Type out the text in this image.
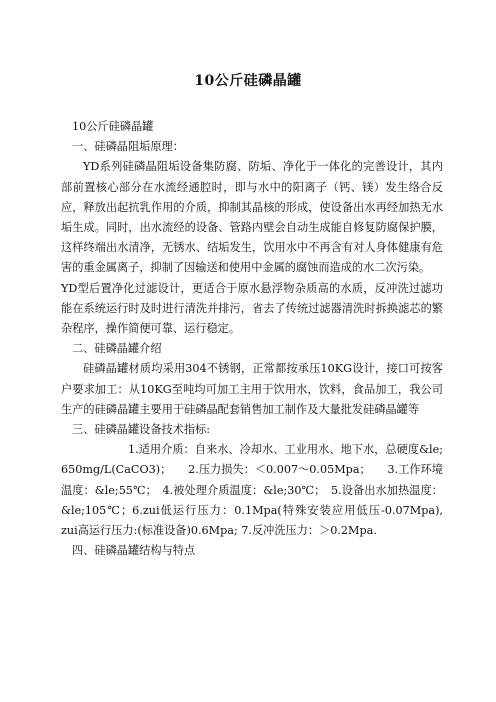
10公斤硅磷晶罐

10公斤硅磷晶罐

一、硅磷晶阻垢原理：

YD系列硅磷晶阻垢设备集防腐、防垢、净化于一体化的完善设计，其内部前置核心部分在水流经通腔时，即与水中的阳离子（钙、镁）发生络合反应，释放出起抗乳作用的介质，抑制其晶核的形成，使设备出水再经加热无水垢生成。同时，出水流经的设备、管路内壁会自动生成能自修复防腐保护膜，这样终端出水清净，无锈水、结垢发生，饮用水中不再含有对人身体健康有危害的重金属离子，抑制了因输送和使用中金属的腐蚀而造成的水二次污染。

YD型后置净化过滤设计，更适合于原水悬浮物杂质高的水质，反冲洗过滤功能在系统运行时及时进行清洗并排污，省去了传统过滤器清洗时拆换滤芯的繁杂程序，操作简便可靠、运行稳定。

二、硅磷晶罐介绍

硅磷晶罐材质均采用304不锈钢，正常都按承压10KG设计，接口可按客户要求加工：从10KG至吨均可加工主用于饮用水，饮料，食品加工，我公司生产的硅磷晶罐主要用于硅磷晶配套销售加工制作及大量批发硅磷晶罐等

三、硅磷晶罐设备技术指标:

1.适用介质：自来水、冷却水、工业用水、地下水，总硬度&le; 650mg/L(CaCO3)；　　2.压力损失：＜0.007～0.05Mpa；　　3.工作环境温度：&le;55℃；　4.被处理介质温度：&le;30℃；　5.设备出水加热温度：&le;105℃；6.zui低运行压力：0.1Mpa(特殊安装应用低压-0.07Mpa),　zui高运行压力:(标准设备)0.6Mpa; 7.反冲洗压力：＞0.2Mpa.

四、硅磷晶罐结构与特点
